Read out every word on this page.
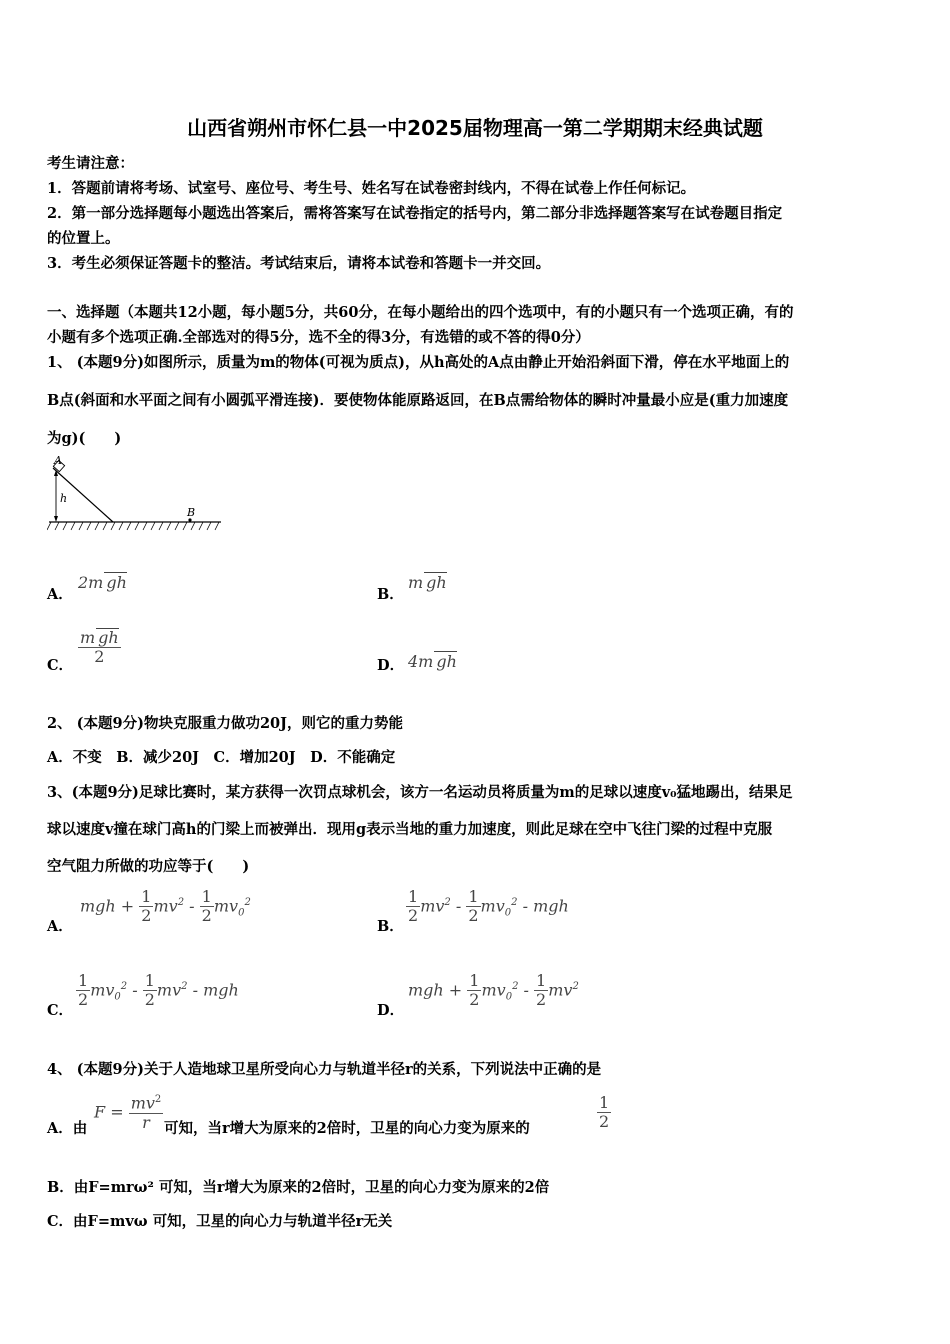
山西省朔州市怀仁县一中2025届物理高一第二学期期末经典试题
考生请注意：
1．答题前请将考场、试室号、座位号、考生号、姓名写在试卷密封线内，不得在试卷上作任何标记。
2．第一部分选择题每小题选出答案后，需将答案写在试卷指定的括号内，第二部分非选择题答案写在试卷题目指定
的位置上。
3．考生必须保证答题卡的整洁。考试结束后，请将本试卷和答题卡一并交回。
一、选择题（本题共12小题，每小题5分，共60分，在每小题给出的四个选项中，有的小题只有一个选项正确，有的
小题有多个选项正确.全部选对的得5分，选不全的得3分，有选错的或不答的得0分）
1、 (本题9分)如图所示，质量为m的物体(可视为质点)，从h高处的A点由静止开始沿斜面下滑，停在水平地面上的
B点(斜面和水平面之间有小圆弧平滑连接)．要使物体能原路返回，在B点需给物体的瞬时冲量最小应是(重力加速度
为g)(　　)
A
h
B
A．
2m gh
B．
m gh
C． $\frac{\text{m gh}}{2}$	D． 4m gh
2、 (本题9分)物块克服重力做功20J，则它的重力势能
A．不变　B．减少20J　C．增加20J　D．不能确定
3、(本题9分)足球比赛时，某方获得一次罚点球机会，该方一名运动员将质量为m的足球以速度v₀猛地踢出，结果足
球以速度v撞在球门高h的门梁上而被弹出．现用g表示当地的重力加速度，则此足球在空中飞往门梁的过程中克服
空气阻力所做的功应等于(　　)
A．
mgh + $\frac{1}{2} mv^2 - \frac{1}{2} mv_0^2$
B．
$\frac{1}{2} mv^2 - \frac{1}{2} mv_0^2$ - mgh
C．
$\frac{1}{2} mv_0^2 - \frac{1}{2} mv^2$ - mgh
D．
mgh + $\frac{1}{2} mv_0^2 - \frac{1}{2} mv^2$
4、 (本题9分)关于人造地球卫星所受向心力与轨道半径r的关系，下列说法中正确的是
A．由
$F = \frac{mv^2}{r}$ 可知，当r增大为原来的2倍时，卫星的向心力变为原来的	$\frac{1}{2}$
B．由F=mrω² 可知，当r增大为原来的2倍时，卫星的向心力变为原来的2倍
C．由F=mvω 可知，卫星的向心力与轨道半径r无关
